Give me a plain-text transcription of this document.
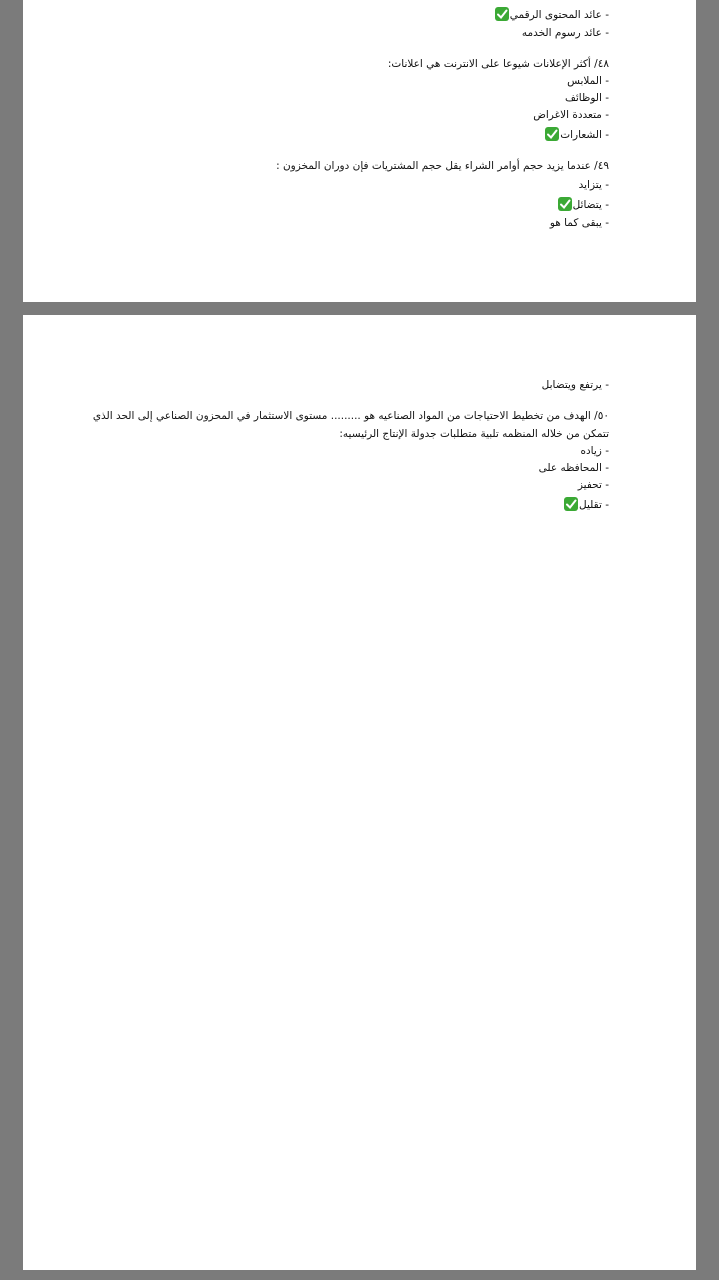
- عائد المحتوى الرقمي
- عائد رسوم الخدمه
٤٨/ أكثر الإعلانات شيوعا على الانترنت هي اعلانات:
- الملابس
- الوظائف
- متعددة الاغراض
- الشعارات
٤٩/ عندما يزيد حجم أوامر الشراء يقل حجم المشتريات فإن دوران المخزون :
- يتزايد
- يتضائل
- يبقى كما هو
- يرتفع ويتضابل
٥٠/ الهدف من تخطيط الاحتياجات من المواد الصناعيه هو ......... مستوى الاستثمار في المحزون الصناعي إلى الحد الذي
تتمكن من خلاله المنظمه تلبية متطلبات جدولة الإنتاج الرئيسيه:
- زياده
- المحافظه على
- تحفيز
- تقليل
